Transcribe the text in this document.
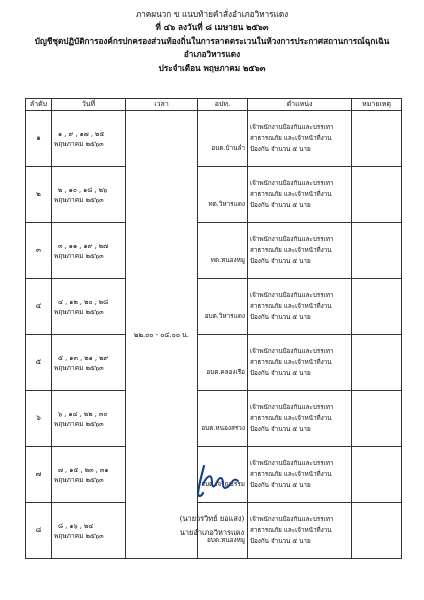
ภาคผนวก ข แนบท้ายคำสั่งอำเภอวิหารแดง
ที่ ๔๖ ลงวันที่ ๘ เมษายน ๒๕๖๓
บัญชีชุดปฏิบัติการองค์กรปกครองส่วนท้องถิ่นในการลาดตระเวนในห้วงการประกาศสถานการณ์ฉุกเฉิน
อำเภอวิหารแดง
ประจำเดือน พฤษภาคม ๒๕๖๓
ลำดับ	วันที่	เวลา	อปท.	ตำแหน่ง	หมายเหตุ
๑	๑ , ๙ , ๑๗ , ๒๕
พฤษภาคม ๒๕๖๓	๒๒.๐๐ - ๐๔.๐๐ น.	อบต.บ้านลำ	เจ้าพนักงานป้องกันและบรรเทา
สาธารณภัย และเจ้าหน้าที่งาน
ป้องกัน จำนวน ๕ นาย	

๒	๒ , ๑๐ , ๑๘ , ๒๖
พฤษภาคม ๒๕๖๓		ทต.วิหารแดง	เจ้าพนักงานป้องกันและบรรเทา
สาธารณภัย และเจ้าหน้าที่งาน
ป้องกัน จำนวน ๕ นาย	

๓	๓ , ๑๑ , ๑๙ , ๒๗
พฤษภาคม ๒๕๖๓		ทต.หนองหมู	เจ้าพนักงานป้องกันและบรรเทา
สาธารณภัย และเจ้าหน้าที่งาน
ป้องกัน จำนวน ๕ นาย	

๔	๔ , ๑๒ , ๒๐ , ๒๘
พฤษภาคม ๒๕๖๓		อบต.วิหารแดง	เจ้าพนักงานป้องกันและบรรเทา
สาธารณภัย และเจ้าหน้าที่งาน
ป้องกัน จำนวน ๕ นาย	

๕	๕ , ๑๓ , ๒๑ , ๒๙
พฤษภาคม ๒๕๖๓		อบต.คลองเรือ	เจ้าพนักงานป้องกันและบรรเทา
สาธารณภัย และเจ้าหน้าที่งาน
ป้องกัน จำนวน ๕ นาย	

๖	๖ , ๑๔ , ๒๒ , ๓๐
พฤษภาคม ๒๕๖๓		อบต.หนองสรวง	เจ้าพนักงานป้องกันและบรรเทา
สาธารณภัย และเจ้าหน้าที่งาน
ป้องกัน จำนวน ๕ นาย	

๗	๗ , ๑๕ , ๒๓ , ๓๑
พฤษภาคม ๒๕๖๓		อบต.เจริญธรรม	เจ้าพนักงานป้องกันและบรรเทา
สาธารณภัย และเจ้าหน้าที่งาน
ป้องกัน จำนวน ๕ นาย	

๘	๘ , ๑๖ , ๒๔
พฤษภาคม ๒๕๖๓		อบต.หนองหมู	เจ้าพนักงานป้องกันและบรรเทา
สาธารณภัย และเจ้าหน้าที่งาน
ป้องกัน จำนวน ๕ นาย	

(นายวรวิทย์ ยอแสง)
นายอำเภอวิหารแดง
